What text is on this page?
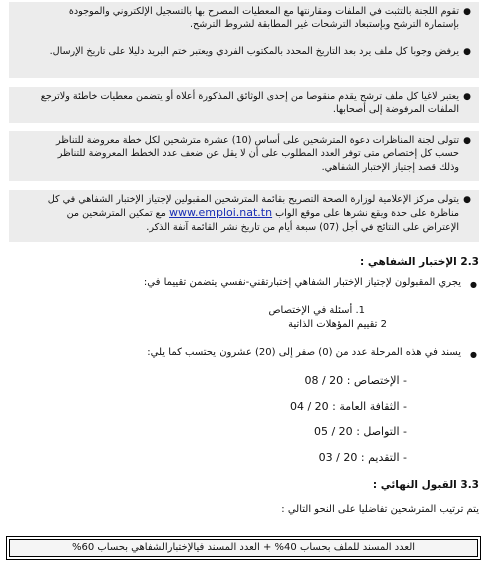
●
تقوم اللجنة بالتثبت في الملفات ومقارنتها مع المعطيات المصرح بها بالتسجيل الإلكتروني والموجودة بإستمارة الترشح وبإستبعاد الترشحات غير المطابقة لشروط الترشح.
●
يرفض وجوبا كل ملف يرد بعد التاريخ المحدد بالمكتوب الفردي ويعتبر ختم البريد دليلا على تاريخ الإرسال.
●
يعتبر لاغيا كل ملف ترشح يقدم منقوصا من إحدى الوثائق المذكورة أعلاه أو يتضمن معطيات خاطئة ولاترجع الملفات المرفوضة إلى أصحابها.
●
تتولى لجنة المناظرات دعوة المترشحين على أساس (10) عشرة مترشحين لكل خطة معروضة للتناظر حسب كل إختصاص متى توفر العدد المطلوب على أن لا يقل عن ضعف عدد الخطط المعروضة للتناظر وذلك قصد إجتياز الإختبار الشفاهي.
●
يتولى مركز الإعلامية لوزارة الصحة التصريح بقائمة المترشحين المقبولين لإجتياز الإختبار الشفاهي في كل مناظرة على حدة ويقع نشرها على موقع الواب www.emploi.nat.tn مع تمكين المترشحين من الإعتراض على النتائج في أجل (07) سبعة أيام من تاريخ نشر القائمة آنفة الذكر.
2.3 الإختبار الشفاهي :
●
يجري المقبولون لإجتياز الإختبار الشفاهي إختبارتقني-نفسي يتضمن تقييما في:
1. أسئلة في الإختصاص
2 تقييم المؤهلات الذاتية
●
يسند في هذه المرحلة عدد من (0) صفر إلى (20) عشرون يحتسب كما يلي:
- الإختصاص : 08 / 20
- الثقافة العامة : 04 / 20
- التواصل : 05 / 20
- التقديم : 03 / 20
3.3 القبول النهائي :
يتم ترتيب المترشحين تفاضليا على النحو التالي :
العدد المسند للملف بحساب 40% + العدد المسند فيالإختبارالشفاهي بحساب 60%
